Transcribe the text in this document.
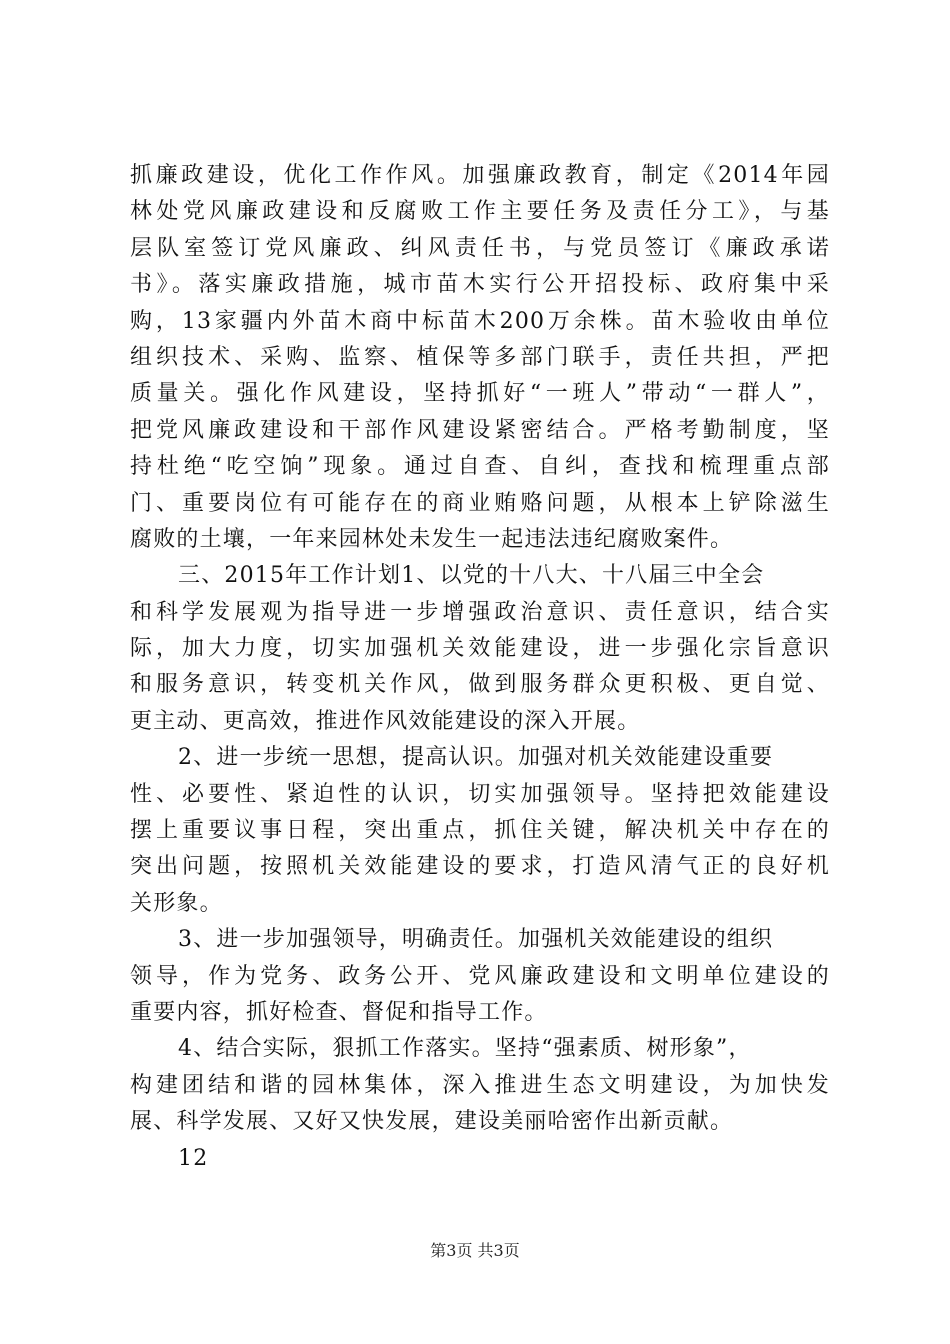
抓廉政建设，优化工作作风。加强廉政教育，制定《2014年园
林处党风廉政建设和反腐败工作主要任务及责任分工》，与基
层队室签订党风廉政、纠风责任书，与党员签订《廉政承诺
书》。落实廉政措施，城市苗木实行公开招投标、政府集中采
购，13家疆内外苗木商中标苗木200万余株。苗木验收由单位
组织技术、采购、监察、植保等多部门联手，责任共担，严把
质量关。强化作风建设，坚持抓好“一班人”带动“一群人”，
把党风廉政建设和干部作风建设紧密结合。严格考勤制度，坚
持杜绝“吃空饷”现象。通过自查、自纠，查找和梳理重点部
门、重要岗位有可能存在的商业贿赂问题，从根本上铲除滋生
腐败的土壤，一年来园林处未发生一起违法违纪腐败案件。
三、2015年工作计划1、以党的十八大、十八届三中全会
和科学发展观为指导进一步增强政治意识、责任意识，结合实
际，加大力度，切实加强机关效能建设，进一步强化宗旨意识
和服务意识，转变机关作风，做到服务群众更积极、更自觉、
更主动、更高效，推进作风效能建设的深入开展。
2、进一步统一思想，提高认识。加强对机关效能建设重要
性、必要性、紧迫性的认识，切实加强领导。坚持把效能建设
摆上重要议事日程，突出重点，抓住关键，解决机关中存在的
突出问题，按照机关效能建设的要求，打造风清气正的良好机
关形象。
3、进一步加强领导，明确责任。加强机关效能建设的组织
领导，作为党务、政务公开、党风廉政建设和文明单位建设的
重要内容，抓好检查、督促和指导工作。
4、结合实际，狠抓工作落实。坚持“强素质、树形象”，
构建团结和谐的园林集体，深入推进生态文明建设，为加快发
展、科学发展、又好又快发展，建设美丽哈密作出新贡献。
12
第3页 共3页
